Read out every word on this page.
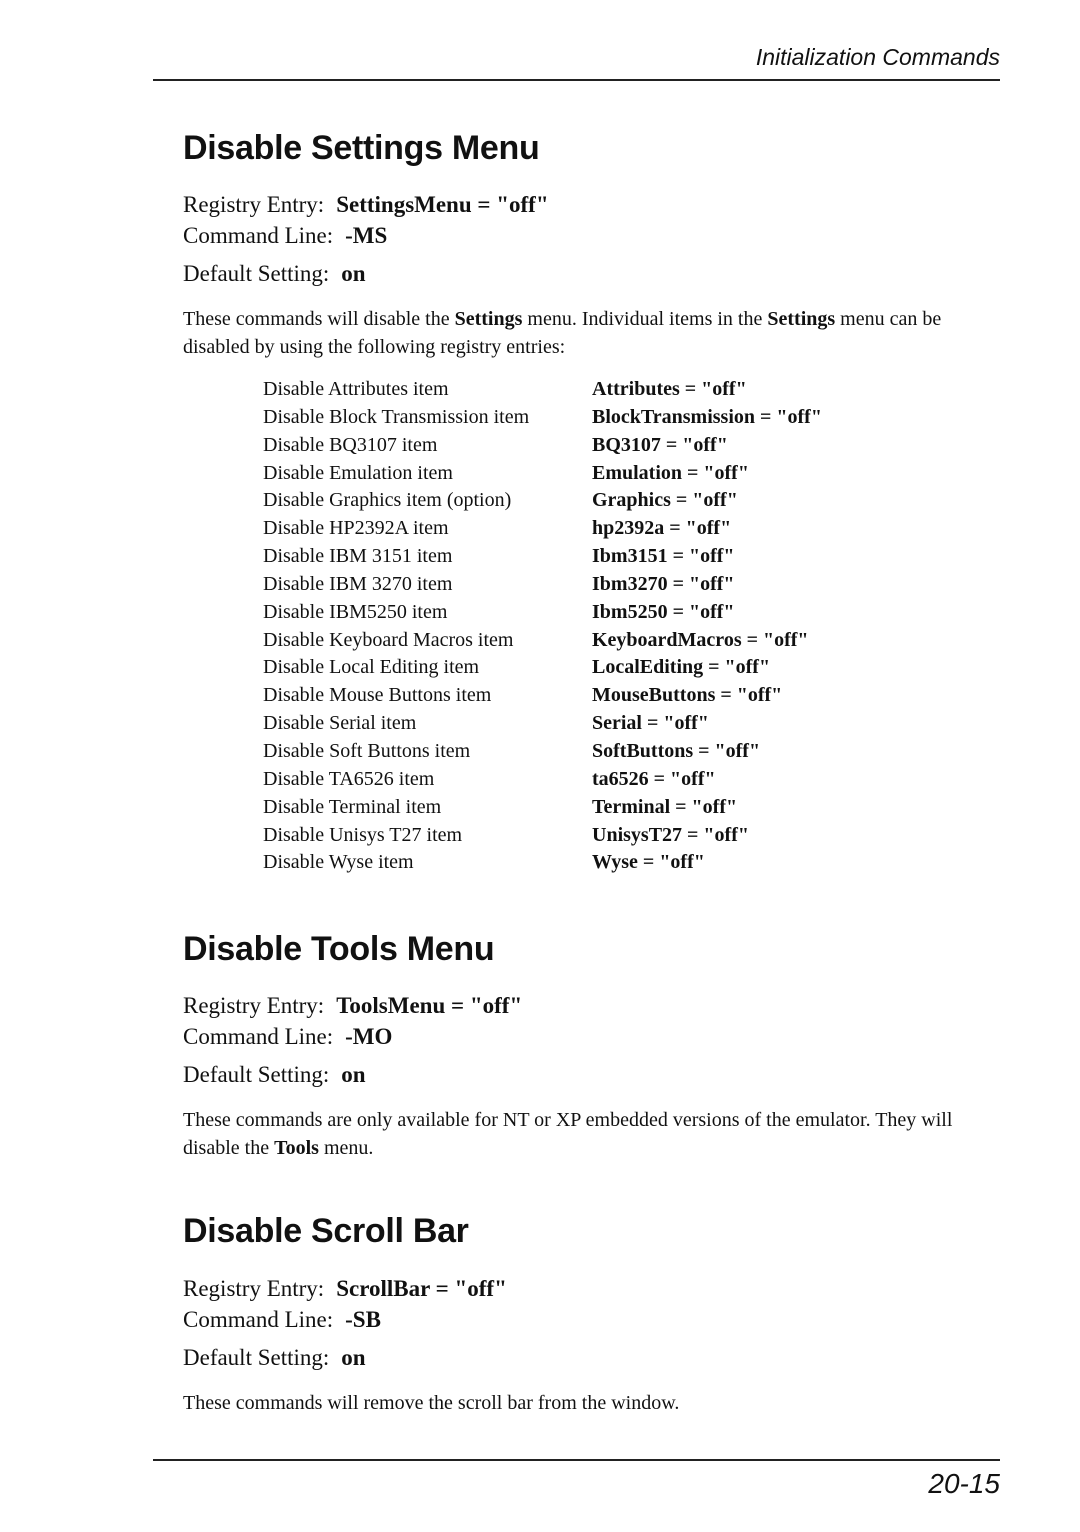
Initialization Commands
Disable Settings Menu
Registry Entry: SettingsMenu = "off"
Command Line: -MS
Default Setting: on
These commands will disable the Settings menu. Individual items in the Settings menu can be disabled by using the following registry entries:
Disable Attributes item	Attributes = "off"
Disable Block Transmission item	BlockTransmission = "off"
Disable BQ3107 item	BQ3107 = "off"
Disable Emulation item	Emulation = "off"
Disable Graphics item (option)	Graphics = "off"
Disable HP2392A item	hp2392a = "off"
Disable IBM 3151 item	Ibm3151 = "off"
Disable IBM 3270 item	Ibm3270 = "off"
Disable IBM5250 item	Ibm5250 = "off"
Disable Keyboard Macros item	KeyboardMacros = "off"
Disable Local Editing item	LocalEditing = "off"
Disable Mouse Buttons item	MouseButtons = "off"
Disable Serial item	Serial = "off"
Disable Soft Buttons item	SoftButtons = "off"
Disable TA6526 item	ta6526 = "off"
Disable Terminal item	Terminal = "off"
Disable Unisys T27 item	UnisysT27 = "off"
Disable Wyse item	Wyse = "off"
Disable Tools Menu
Registry Entry: ToolsMenu = "off"
Command Line: -MO
Default Setting: on
These commands are only available for NT or XP embedded versions of the emulator. They will disable the Tools menu.
Disable Scroll Bar
Registry Entry: ScrollBar = "off"
Command Line: -SB
Default Setting: on
These commands will remove the scroll bar from the window.
20-15
